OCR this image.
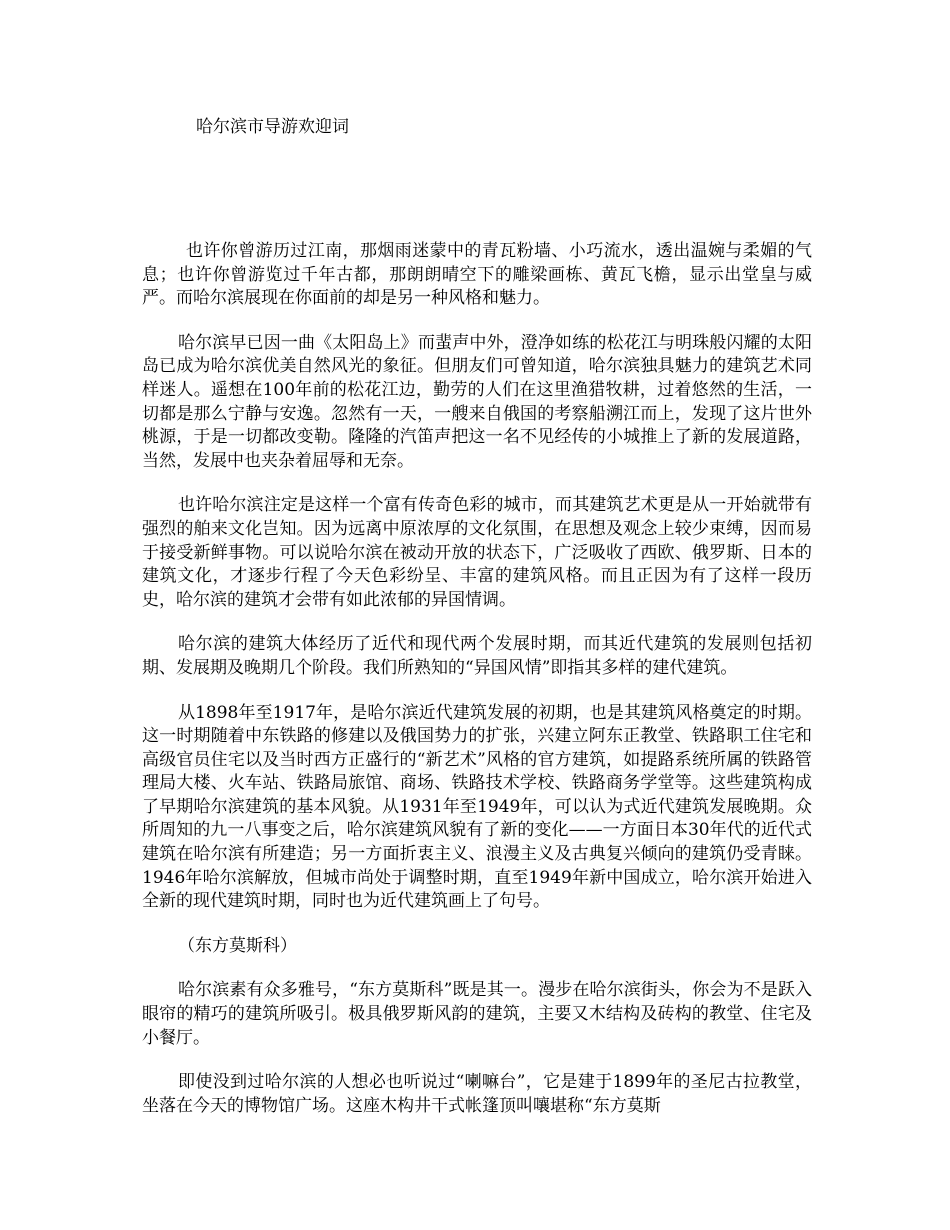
哈尔滨市导游欢迎词

也许你曾游历过江南，那烟雨迷蒙中的青瓦粉墙、小巧流水，透出温婉与柔媚的气息；也许你曾游览过千年古都，那朗朗晴空下的雕梁画栋、黄瓦飞檐，显示出堂皇与威严。而哈尔滨展现在你面前的却是另一种风格和魅力。

哈尔滨早已因一曲《太阳岛上》而蜚声中外，澄净如练的松花江与明珠般闪耀的太阳岛已成为哈尔滨优美自然风光的象征。但朋友们可曾知道，哈尔滨独具魅力的建筑艺术同样迷人。遥想在100年前的松花江边，勤劳的人们在这里渔猎牧耕，过着悠然的生活，一切都是那么宁静与安逸。忽然有一天，一艘来自俄国的考察船溯江而上，发现了这片世外桃源，于是一切都改变勒。隆隆的汽笛声把这一名不见经传的小城推上了新的发展道路，当然，发展中也夹杂着屈辱和无奈。

也许哈尔滨注定是这样一个富有传奇色彩的城市，而其建筑艺术更是从一开始就带有强烈的舶来文化岂知。因为远离中原浓厚的文化氛围，在思想及观念上较少束缚，因而易于接受新鲜事物。可以说哈尔滨在被动开放的状态下，广泛吸收了西欧、俄罗斯、日本的建筑文化，才逐步行程了今天色彩纷呈、丰富的建筑风格。而且正因为有了这样一段历史，哈尔滨的建筑才会带有如此浓郁的异国情调。

哈尔滨的建筑大体经历了近代和现代两个发展时期，而其近代建筑的发展则包括初期、发展期及晚期几个阶段。我们所熟知的“异国风情”即指其多样的建代建筑。

从1898年至1917年，是哈尔滨近代建筑发展的初期，也是其建筑风格奠定的时期。这一时期随着中东铁路的修建以及俄国势力的扩张，兴建立阿东正教堂、铁路职工住宅和高级官员住宅以及当时西方正盛行的“新艺术”风格的官方建筑，如提路系统所属的铁路管理局大楼、火车站、铁路局旅馆、商场、铁路技术学校、铁路商务学堂等。这些建筑构成了早期哈尔滨建筑的基本风貌。从1931年至1949年，可以认为式近代建筑发展晚期。众所周知的九一八事变之后，哈尔滨建筑风貌有了新的变化——一方面日本30年代的近代式建筑在哈尔滨有所建造；另一方面折衷主义、浪漫主义及古典复兴倾向的建筑仍受青睐。1946年哈尔滨解放，但城市尚处于调整时期，直至1949年新中国成立，哈尔滨开始进入全新的现代建筑时期，同时也为近代建筑画上了句号。

（东方莫斯科）

哈尔滨素有众多雅号，“东方莫斯科”既是其一。漫步在哈尔滨街头，你会为不是跃入眼帘的精巧的建筑所吸引。极具俄罗斯风韵的建筑，主要又木结构及砖构的教堂、住宅及小餐厅。

即使没到过哈尔滨的人想必也听说过“喇嘛台”，它是建于1899年的圣尼古拉教堂，坐落在今天的博物馆广场。这座木构井干式帐篷顶叫嚷堪称“东方莫斯
